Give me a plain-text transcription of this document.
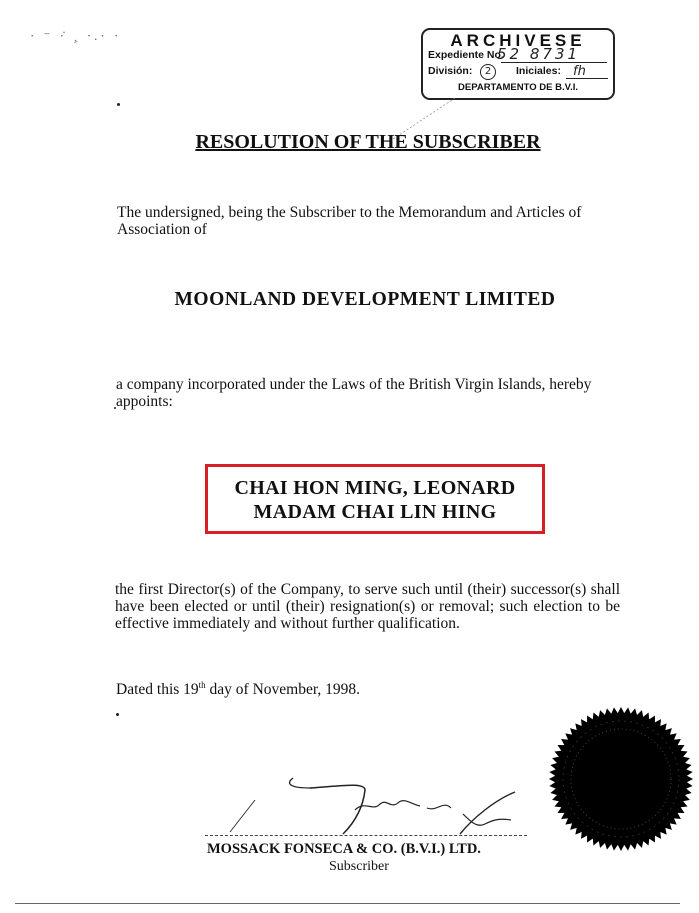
· ⁻ ·̇ ¸ ·.· ·	ARCHIVESE
Expediente No.
52 8731
División:	2	Iniciales: fh
DEPARTAMENTO DE B.V.I.
RESOLUTION OF THE SUBSCRIBER
The undersigned, being the Subscriber to the Memorandum and Articles of Association of
MOONLAND DEVELOPMENT LIMITED
a company incorporated under the Laws of the British Virgin Islands, hereby appoints:
CHAI HON MING, LEONARD
MADAM CHAI LIN HING
the first Director(s) of the Company, to serve such until (their) successor(s) shall have been elected or until (their) resignation(s) or removal; such election to be effective immediately and without further qualification.
Dated this 19th day of November, 1998.
MOSSACK FONSECA & CO. (B.V.I.) LTD.
Subscriber
